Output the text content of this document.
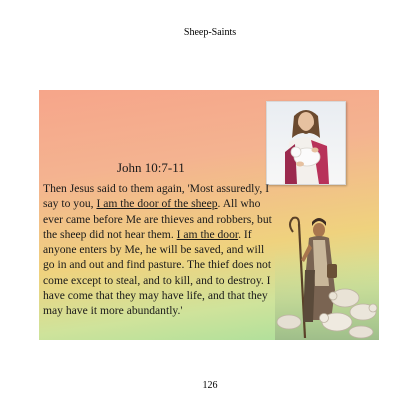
Sheep-Saints
John 10:7-11

Then Jesus said to them again, 'Most assuredly, I say to you, I am the door of the sheep. All who ever came before Me are thieves and robbers, but the sheep did not hear them. I am the door. If anyone enters by Me, he will be saved, and will go in and out and find pasture. The thief does not come except to steal, and to kill, and to destroy. I have come that they may have life, and that they may have it more abundantly.'

126
